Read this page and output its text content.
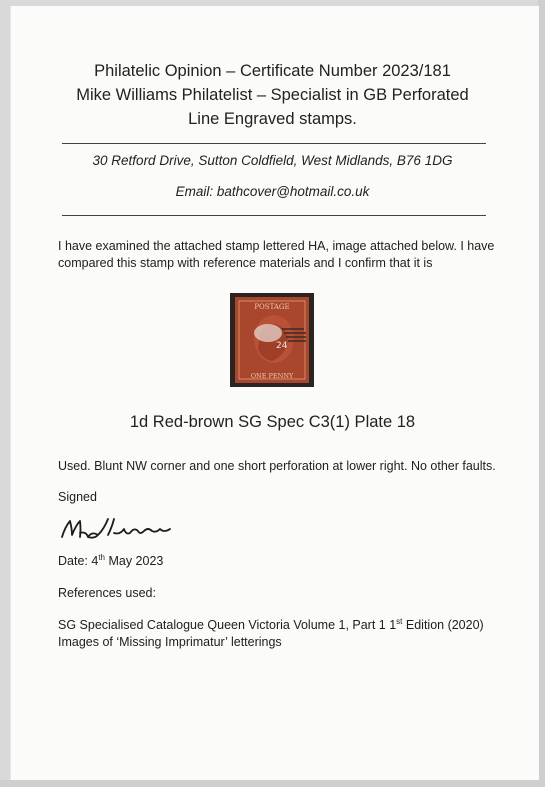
Philatelic Opinion – Certificate Number 2023/181
Mike Williams Philatelist – Specialist in GB Perforated
Line Engraved stamps.
30 Retford Drive, Sutton Coldfield, West Midlands, B76 1DG
Email: bathcover@hotmail.co.uk
I have examined the attached stamp lettered HA, image attached below. I have
compared this stamp with reference materials and I confirm that it is
POSTAGE
24
ONE PENNY
1d Red-brown SG Spec C3(1) Plate 18
Used. Blunt NW corner and one short perforation at lower right. No other faults.
Signed
Date: 4th May 2023
References used:
SG Specialised Catalogue Queen Victoria Volume 1, Part 1 1st Edition (2020)
Images of ‘Missing Imprimatur’ letterings
